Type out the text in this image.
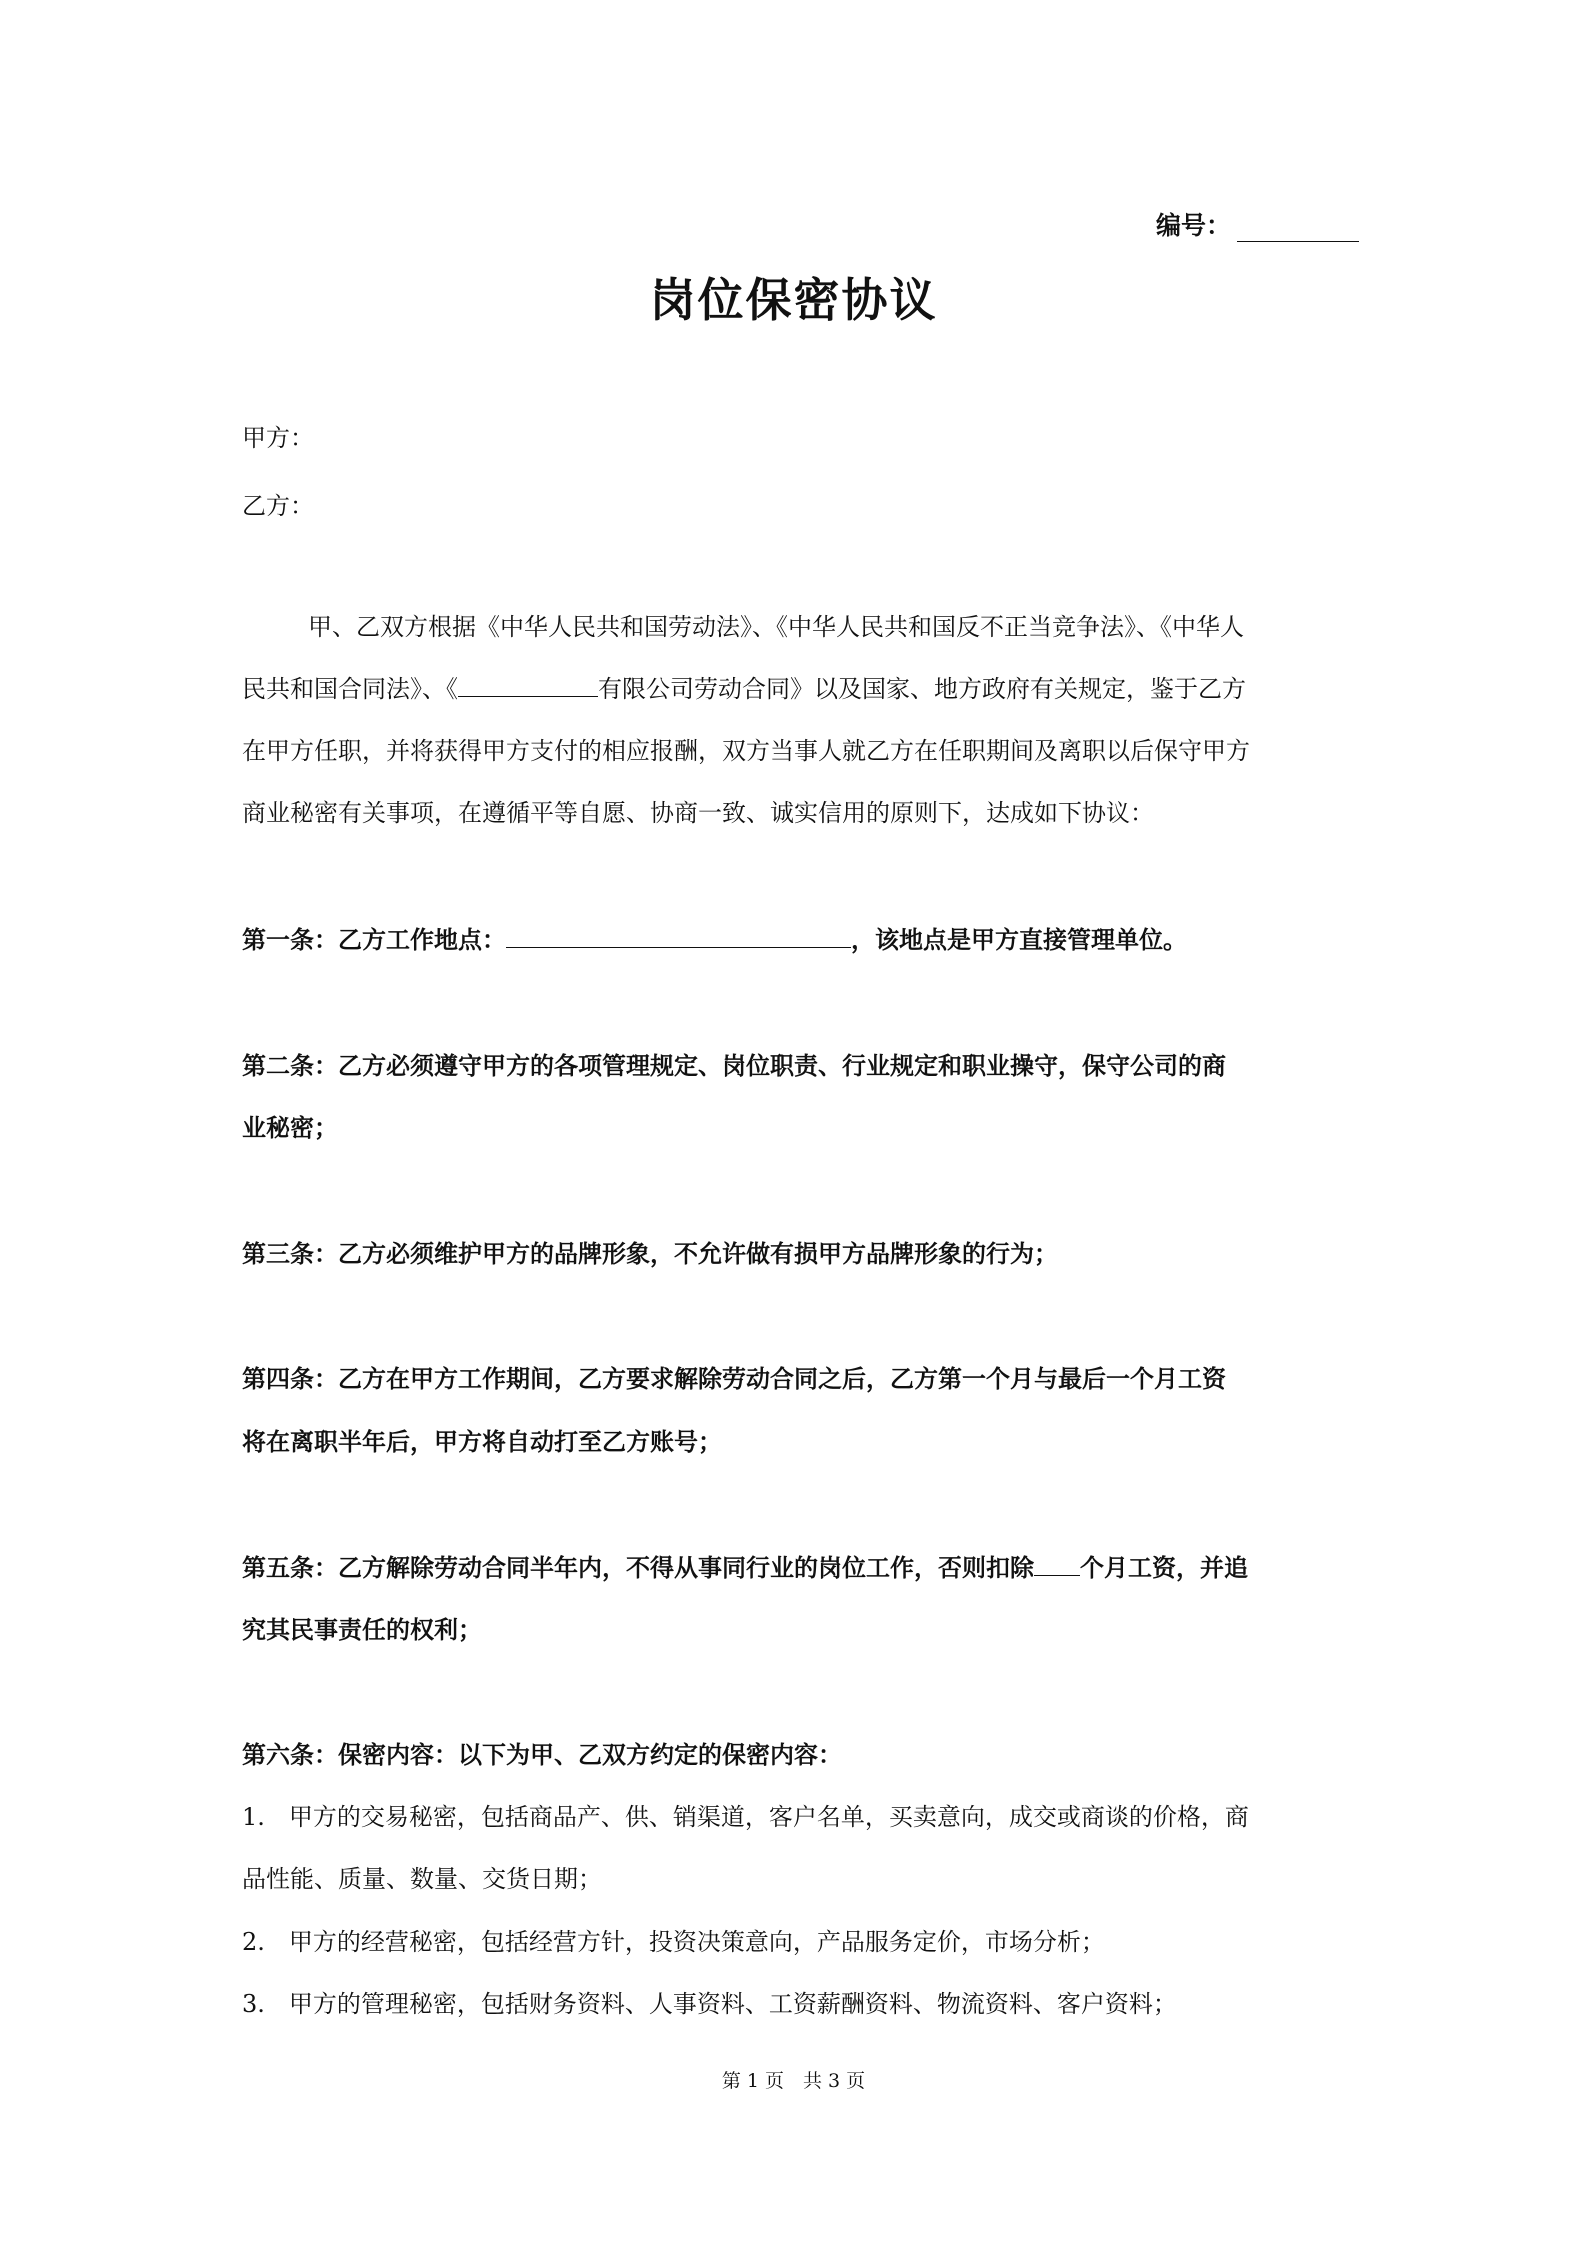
编号：
岗位保密协议
甲方：
乙方：
甲、乙双方根据《中华人民共和国劳动法》、《中华人民共和国反不正当竞争法》、《中华人
民共和国合同法》、《	有限公司劳动合同》以及国家、地方政府有关规定，鉴于乙方
在甲方任职，并将获得甲方支付的相应报酬，双方当事人就乙方在任职期间及离职以后保守甲方
商业秘密有关事项，在遵循平等自愿、协商一致、诚实信用的原则下，达成如下协议：
第一条：乙方工作地点：	，该地点是甲方直接管理单位。
第二条：乙方必须遵守甲方的各项管理规定、岗位职责、行业规定和职业操守，保守公司的商
业秘密；
第三条：乙方必须维护甲方的品牌形象，不允许做有损甲方品牌形象的行为；
第四条：乙方在甲方工作期间，乙方要求解除劳动合同之后，乙方第一个月与最后一个月工资
将在离职半年后，甲方将自动打至乙方账号；
第五条：乙方解除劳动合同半年内，不得从事同行业的岗位工作，否则扣除 个月工资，并追
究其民事责任的权利；
第六条：保密内容：以下为甲、乙双方约定的保密内容：
1.　甲方的交易秘密，包括商品产、供、销渠道，客户名单，买卖意向，成交或商谈的价格，商
品性能、质量、数量、交货日期；
2.　甲方的经营秘密，包括经营方针，投资决策意向，产品服务定价，市场分析；
3.　甲方的管理秘密，包括财务资料、人事资料、工资薪酬资料、物流资料、客户资料；
第 1 页　共 3 页
